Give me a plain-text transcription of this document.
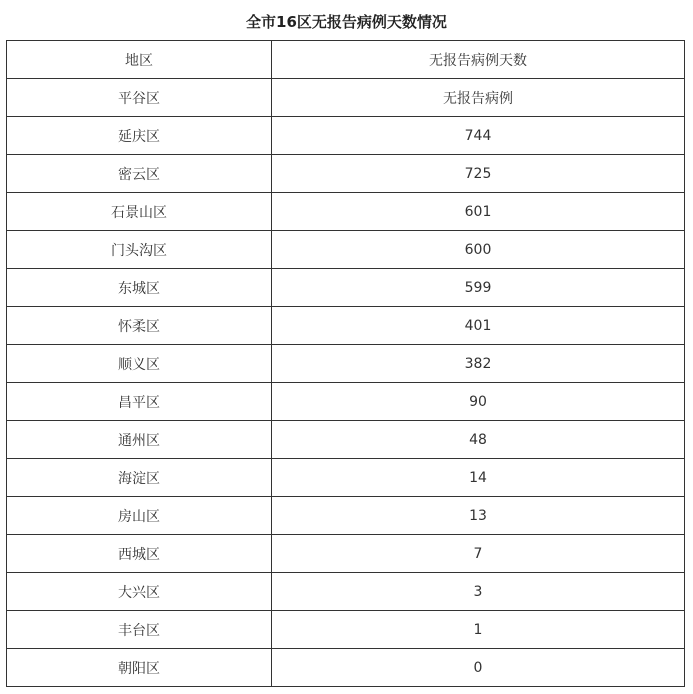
全市16区无报告病例天数情况
地区	无报告病例天数
平谷区	无报告病例
延庆区	744
密云区	725
石景山区	601
门头沟区	600
东城区	599
怀柔区	401
顺义区	382
昌平区	90
通州区	48
海淀区	14
房山区	13
西城区	7
大兴区	3
丰台区	1
朝阳区	0
